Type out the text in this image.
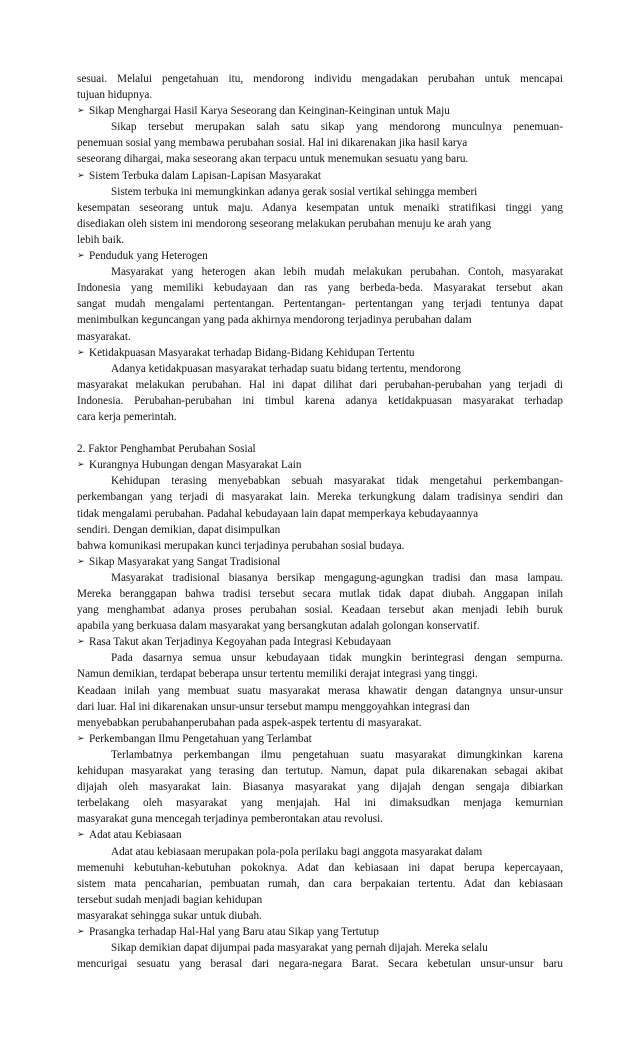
sesuai. Melalui pengetahuan itu, mendorong individu mengadakan perubahan untuk mencapai
tujuan hidupnya.
➢ Sikap Menghargai Hasil Karya Seseorang dan Keinginan-Keinginan untuk Maju
Sikap tersebut merupakan salah satu sikap yang mendorong munculnya penemuan-
penemuan sosial yang membawa perubahan sosial. Hal ini dikarenakan jika hasil karya
seseorang dihargai, maka seseorang akan terpacu untuk menemukan sesuatu yang baru.
➢ Sistem Terbuka dalam Lapisan-Lapisan Masyarakat
Sistem terbuka ini memungkinkan adanya gerak sosial vertikal sehingga memberi
kesempatan seseorang untuk maju. Adanya kesempatan untuk menaiki stratifikasi tinggi yang
disediakan oleh sistem ini mendorong seseorang melakukan perubahan menuju ke arah yang
lebih baik.
➢ Penduduk yang Heterogen
Masyarakat yang heterogen akan lebih mudah melakukan perubahan. Contoh, masyarakat
Indonesia yang memiliki kebudayaan dan ras yang berbeda-beda. Masyarakat tersebut akan
sangat mudah mengalami pertentangan. Pertentangan- pertentangan yang terjadi tentunya dapat
menimbulkan keguncangan yang pada akhirnya mendorong terjadinya perubahan dalam
masyarakat.
➢ Ketidakpuasan Masyarakat terhadap Bidang-Bidang Kehidupan Tertentu
Adanya ketidakpuasan masyarakat terhadap suatu bidang tertentu, mendorong
masyarakat melakukan perubahan. Hal ini dapat dilihat dari perubahan-perubahan yang terjadi di
Indonesia. Perubahan-perubahan ini timbul karena adanya ketidakpuasan masyarakat terhadap
cara kerja pemerintah.
2. Faktor Penghambat Perubahan Sosial
➢ Kurangnya Hubungan dengan Masyarakat Lain
Kehidupan terasing menyebabkan sebuah masyarakat tidak mengetahui perkembangan-
perkembangan yang terjadi di masyarakat lain. Mereka terkungkung dalam tradisinya sendiri dan
tidak mengalami perubahan. Padahal kebudayaan lain dapat memperkaya kebudayaannya
sendiri. Dengan demikian, dapat disimpulkan
bahwa komunikasi merupakan kunci terjadinya perubahan sosial budaya.
➢ Sikap Masyarakat yang Sangat Tradisional
Masyarakat tradisional biasanya bersikap mengagung-agungkan tradisi dan masa lampau.
Mereka beranggapan bahwa tradisi tersebut secara mutlak tidak dapat diubah. Anggapan inilah
yang menghambat adanya proses perubahan sosial. Keadaan tersebut akan menjadi lebih buruk
apabila yang berkuasa dalam masyarakat yang bersangkutan adalah golongan konservatif.
➢ Rasa Takut akan Terjadinya Kegoyahan pada Integrasi Kebudayaan
Pada dasarnya semua unsur kebudayaan tidak mungkin berintegrasi dengan sempurna.
Namun demikian, terdapat beberapa unsur tertentu memiliki derajat integrasi yang tinggi.
Keadaan inilah yang membuat suatu masyarakat merasa khawatir dengan datangnya unsur-unsur
dari luar. Hal ini dikarenakan unsur-unsur tersebut mampu menggoyahkan integrasi dan
menyebabkan perubahanperubahan pada aspek-aspek tertentu di masyarakat.
➢ Perkembangan Ilmu Pengetahuan yang Terlambat
Terlambatnya perkembangan ilmu pengetahuan suatu masyarakat dimungkinkan karena
kehidupan masyarakat yang terasing dan tertutup. Namun, dapat pula dikarenakan sebagai akibat
dijajah oleh masyarakat lain. Biasanya masyarakat yang dijajah dengan sengaja dibiarkan
terbelakang oleh masyarakat yang menjajah. Hal ini dimaksudkan menjaga kemurnian
masyarakat guna mencegah terjadinya pemberontakan atau revolusi.
➢ Adat atau Kebiasaan
Adat atau kebiasaan merupakan pola-pola perilaku bagi anggota masyarakat dalam
memenuhi kebutuhan-kebutuhan pokoknya. Adat dan kebiasaan ini dapat berupa kepercayaan,
sistem mata pencaharian, pembuatan rumah, dan cara berpakaian tertentu. Adat dan kebiasaan
tersebut sudah menjadi bagian kehidupan
masyarakat sehingga sukar untuk diubah.
➢ Prasangka terhadap Hal-Hal yang Baru atau Sikap yang Tertutup
Sikap demikian dapat dijumpai pada masyarakat yang pernah dijajah. Mereka selalu
mencurigai sesuatu yang berasal dari negara-negara Barat. Secara kebetulan unsur-unsur baru
